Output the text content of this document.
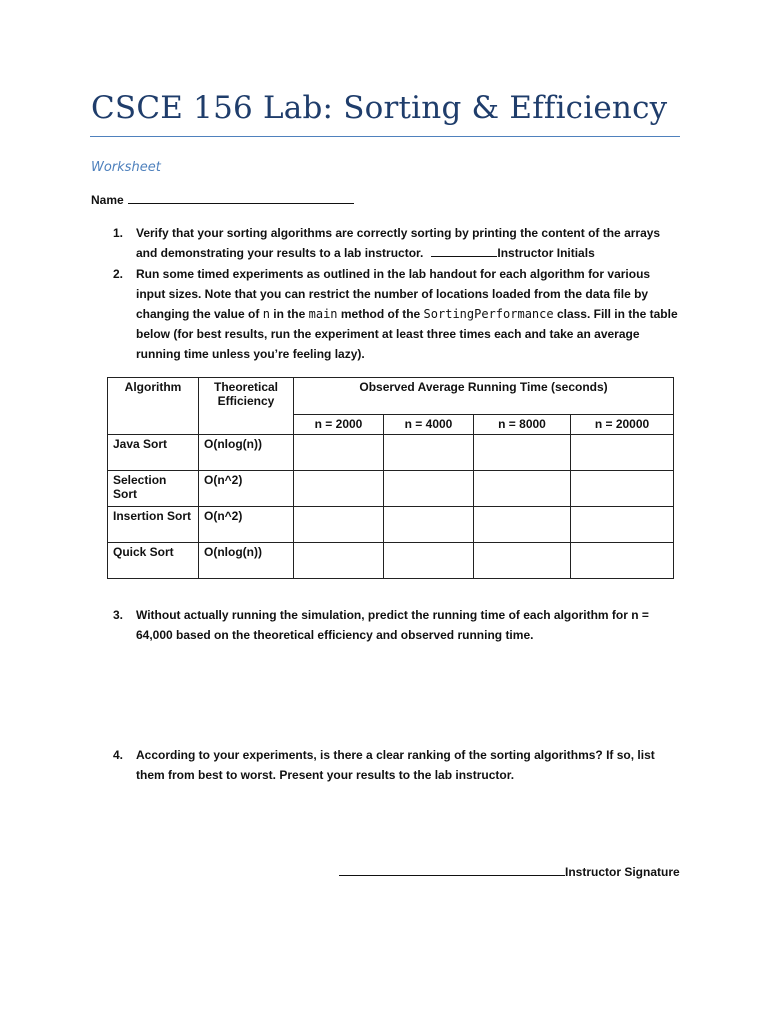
CSCE 156 Lab: Sorting & Efficiency
Worksheet
Name
1. Verify that your sorting algorithms are correctly sorting by printing the content of the arrays and demonstrating your results to a lab instructor.	Instructor Initials
2. Run some timed experiments as outlined in the lab handout for each algorithm for various input sizes. Note that you can restrict the number of locations loaded from the data file by changing the value of n in the main method of the SortingPerformance class. Fill in the table below (for best results, run the experiment at least three times each and take an average running time unless you’re feeling lazy).
Algorithm	Theoretical Efficiency	Observed Average Running Time (seconds)			
		n = 2000	n = 4000	n = 8000	n = 20000
Java Sort	O(nlog(n))				
Selection Sort	O(n^2)				
Insertion Sort	O(n^2)				
Quick Sort	O(nlog(n))				
3. Without actually running the simulation, predict the running time of each algorithm for n = 64,000 based on the theoretical efficiency and observed running time.
4. According to your experiments, is there a clear ranking of the sorting algorithms? If so, list them from best to worst. Present your results to the lab instructor.
Instructor Signature
